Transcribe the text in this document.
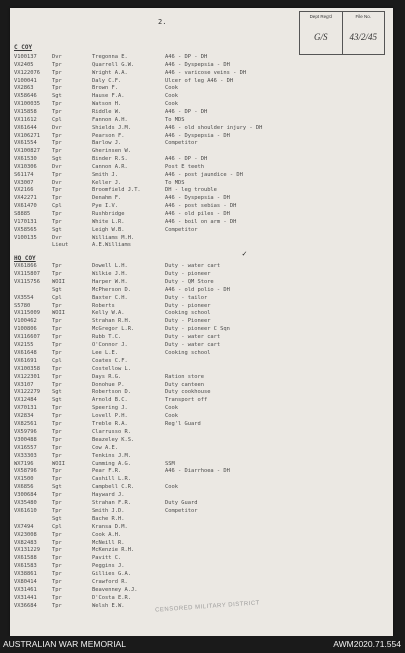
2.
Dept Reg'd
G/S
File No.
43/2/45
C COY
V100137	Dvr	Tregonna E.	A46 - DP - DH
VX2405	Tpr	Quarrell G.W.	A46 - Dyspepsia - DH
VX122076	Tpr	Wright A.A.	A46 - varicose veins - DH
V100041	Tpr	Daly C.F.	Ulcer of leg A46 - DH
VX2863	Tpr	Brown F.	Cook
VX58646	Sgt	Hause F.A.	Cook
VX100035	Tpr	Watson H.	Cook
VX15858	Tpr	Riddle W.	A46 - DP - DH
VX11612	Cpl	Fannon A.H.	To MDS
VX61644	Dvr	Shields J.M.	A46 - old shoulder injury - DH
VX106271	Tpr	Pearson F.	A46 - Dyspepsia - DH
VX61554	Tpr	Barlow J.	Competitor
VX100827	Tpr	Gherinsen W.
VX61530	Sgt	Binder R.S.	A46 - DP - DH
VX10306	Dvr	Cannon A.R.	Post E teeth
S61174	Tpr	Smith J.	A46 - post jaundice - DH
VX3007	Dvr	Keller J.	To MDS
VX2166	Tpr	Broomfield J.T.	DH - leg trouble
VX42271	Tpr	Denahm F.	A46 - Dyspepsia - DH
VX61470	Cpl	Pye I.V.	A46 - post sebias - DH
S8885	Tpr	Rushbridge	A46 - old piles - DH
V170131	Tpr	White L.R.	A46 - boil on arm - DH
VX58565	Sgt	Leigh W.B.	Competitor
V100135	Dvr	Williams M.H.
Lieut	A.E.Williams
✓
HQ COY
VX61866	Tpr	Dowell L.H.	Duty - water cart
VX115807	Tpr	Wilkie J.H.	Duty - pioneer
VX115756	WOII	Harper W.H.	Duty - QM Store
Sgt	McPherson D.	A46 - old polio - DH
VX3554	Cpl	Baxter C.H.	Duty - tailor
S5780	Tpr	Roberts	Duty - pioneer
VX115009	WOII	Kelly W.A.	Cooking school
V100462	Tpr	Strahan R.H.	Duty - Pioneer
V100806	Tpr	McGregor L.R.	Duty - pioneer C Sqn
VX116607	Tpr	Rubb T.C.	Duty - water cart
VX2155	Tpr	O'Connor J.	Duty - water cart
VX61648	Tpr	Lee L.E.	Cooking school
VX61691	Cpl	Coates C.F.
VX100358	Tpr	Costellow L.
VX122301	Tpr	Days R.G.	Ration store
VX3107	Tpr	Donohue P.	Duty canteen
VX122279	Sgt	Robertson D.	Duty cookhouse
VX12484	Sgt	Arnold B.C.	Transport off
VX70131	Tpr	Speering J.	Cook
VX2834	Tpr	Lovell P.H.	Cook
VX82561	Tpr	Treble R.A.	Reg'l Guard
VX59796	Tpr	Clarrusso R.
V300488	Tpr	Beazeley K.S.
VX16557	Tpr	Cow A.E.
VX33303	Tpr	Tenkins J.M.
WX7196	WOII	Cumming A.G.	SSM
VX58796	Tpr	Pear F.R.	A46 - Diarrhoea - DH
VX1500	Tpr	Cashill L.R.
VX6856	Sgt	Campbell C.R.	Cook
V300684	Tpr	Hayward J.
VX35480	Tpr	Strahan F.R.	Duty Guard
VX61610	Tpr	Smith J.D.	Competitor
Sgt	Bache R.H.
VX7494	Cpl	Kransa D.M.
VX23008	Tpr	Cook A.H.
VX82483	Tpr	McNeill R.
VX131229	Tpr	McKenzie R.H.
VX61588	Tpr	Pavitt C.
VX61583	Tpr	Peggins J.
VX38861	Tpr	Gillies G.A.
VX80414	Tpr	Crawford R.
VX31461	Tpr	Beavenney A.J.
VX31441	Tpr	D'Costa E.R.
VX36684	Tpr	Welsh E.W.	CENSORED MILITARY DISTRICT
AUSTRALIAN WAR MEMORIAL	AWM2020.71.554
